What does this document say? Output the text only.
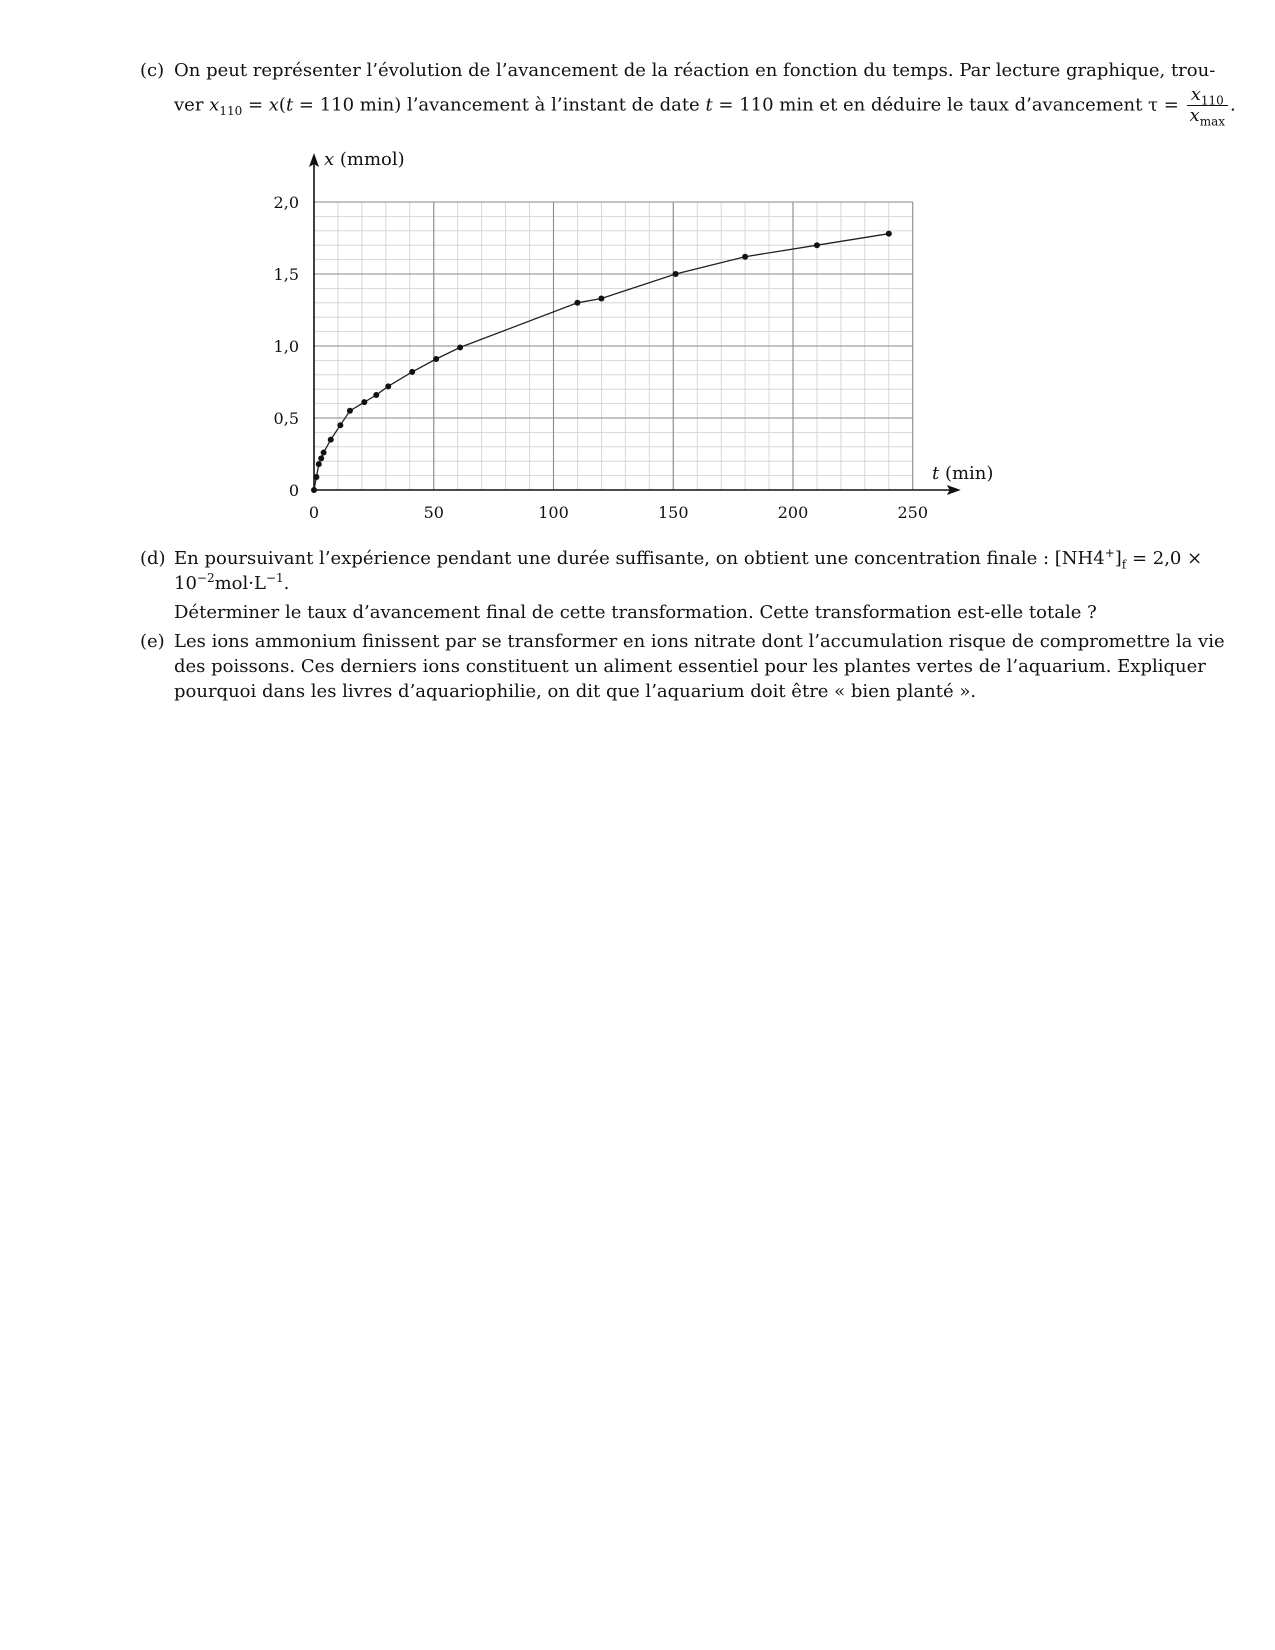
(c) On peut représenter l’évolution de l’avancement de la réaction en fonction du temps. Par lecture graphique, trou-
ver $x_{110} = x(t = 110$ min) l’avancement à l’instant de date t = 110 min et en déduire le taux d’avancement $\tau = \frac{x_{110}}{x_{max}}$ .
0	50	100	150	200	250
0
0,5
1,0
1,5
2,0
x (mmol)
t (min)
(d) En poursuivant l’expérience pendant une durée suffisante, on obtient une concentration finale : $[NH4^+]_f = 2,0$ ×
$10^{-2}mol\cdot L^{-1}$.
Déterminer le taux d’avancement final de cette transformation. Cette transformation est-elle totale ?
(e) Les ions ammonium finissent par se transformer en ions nitrate dont l’accumulation risque de compromettre la vie
des poissons. Ces derniers ions constituent un aliment essentiel pour les plantes vertes de l’aquarium. Expliquer
pourquoi dans les livres d’aquariophilie, on dit que l’aquarium doit être « bien planté ».
